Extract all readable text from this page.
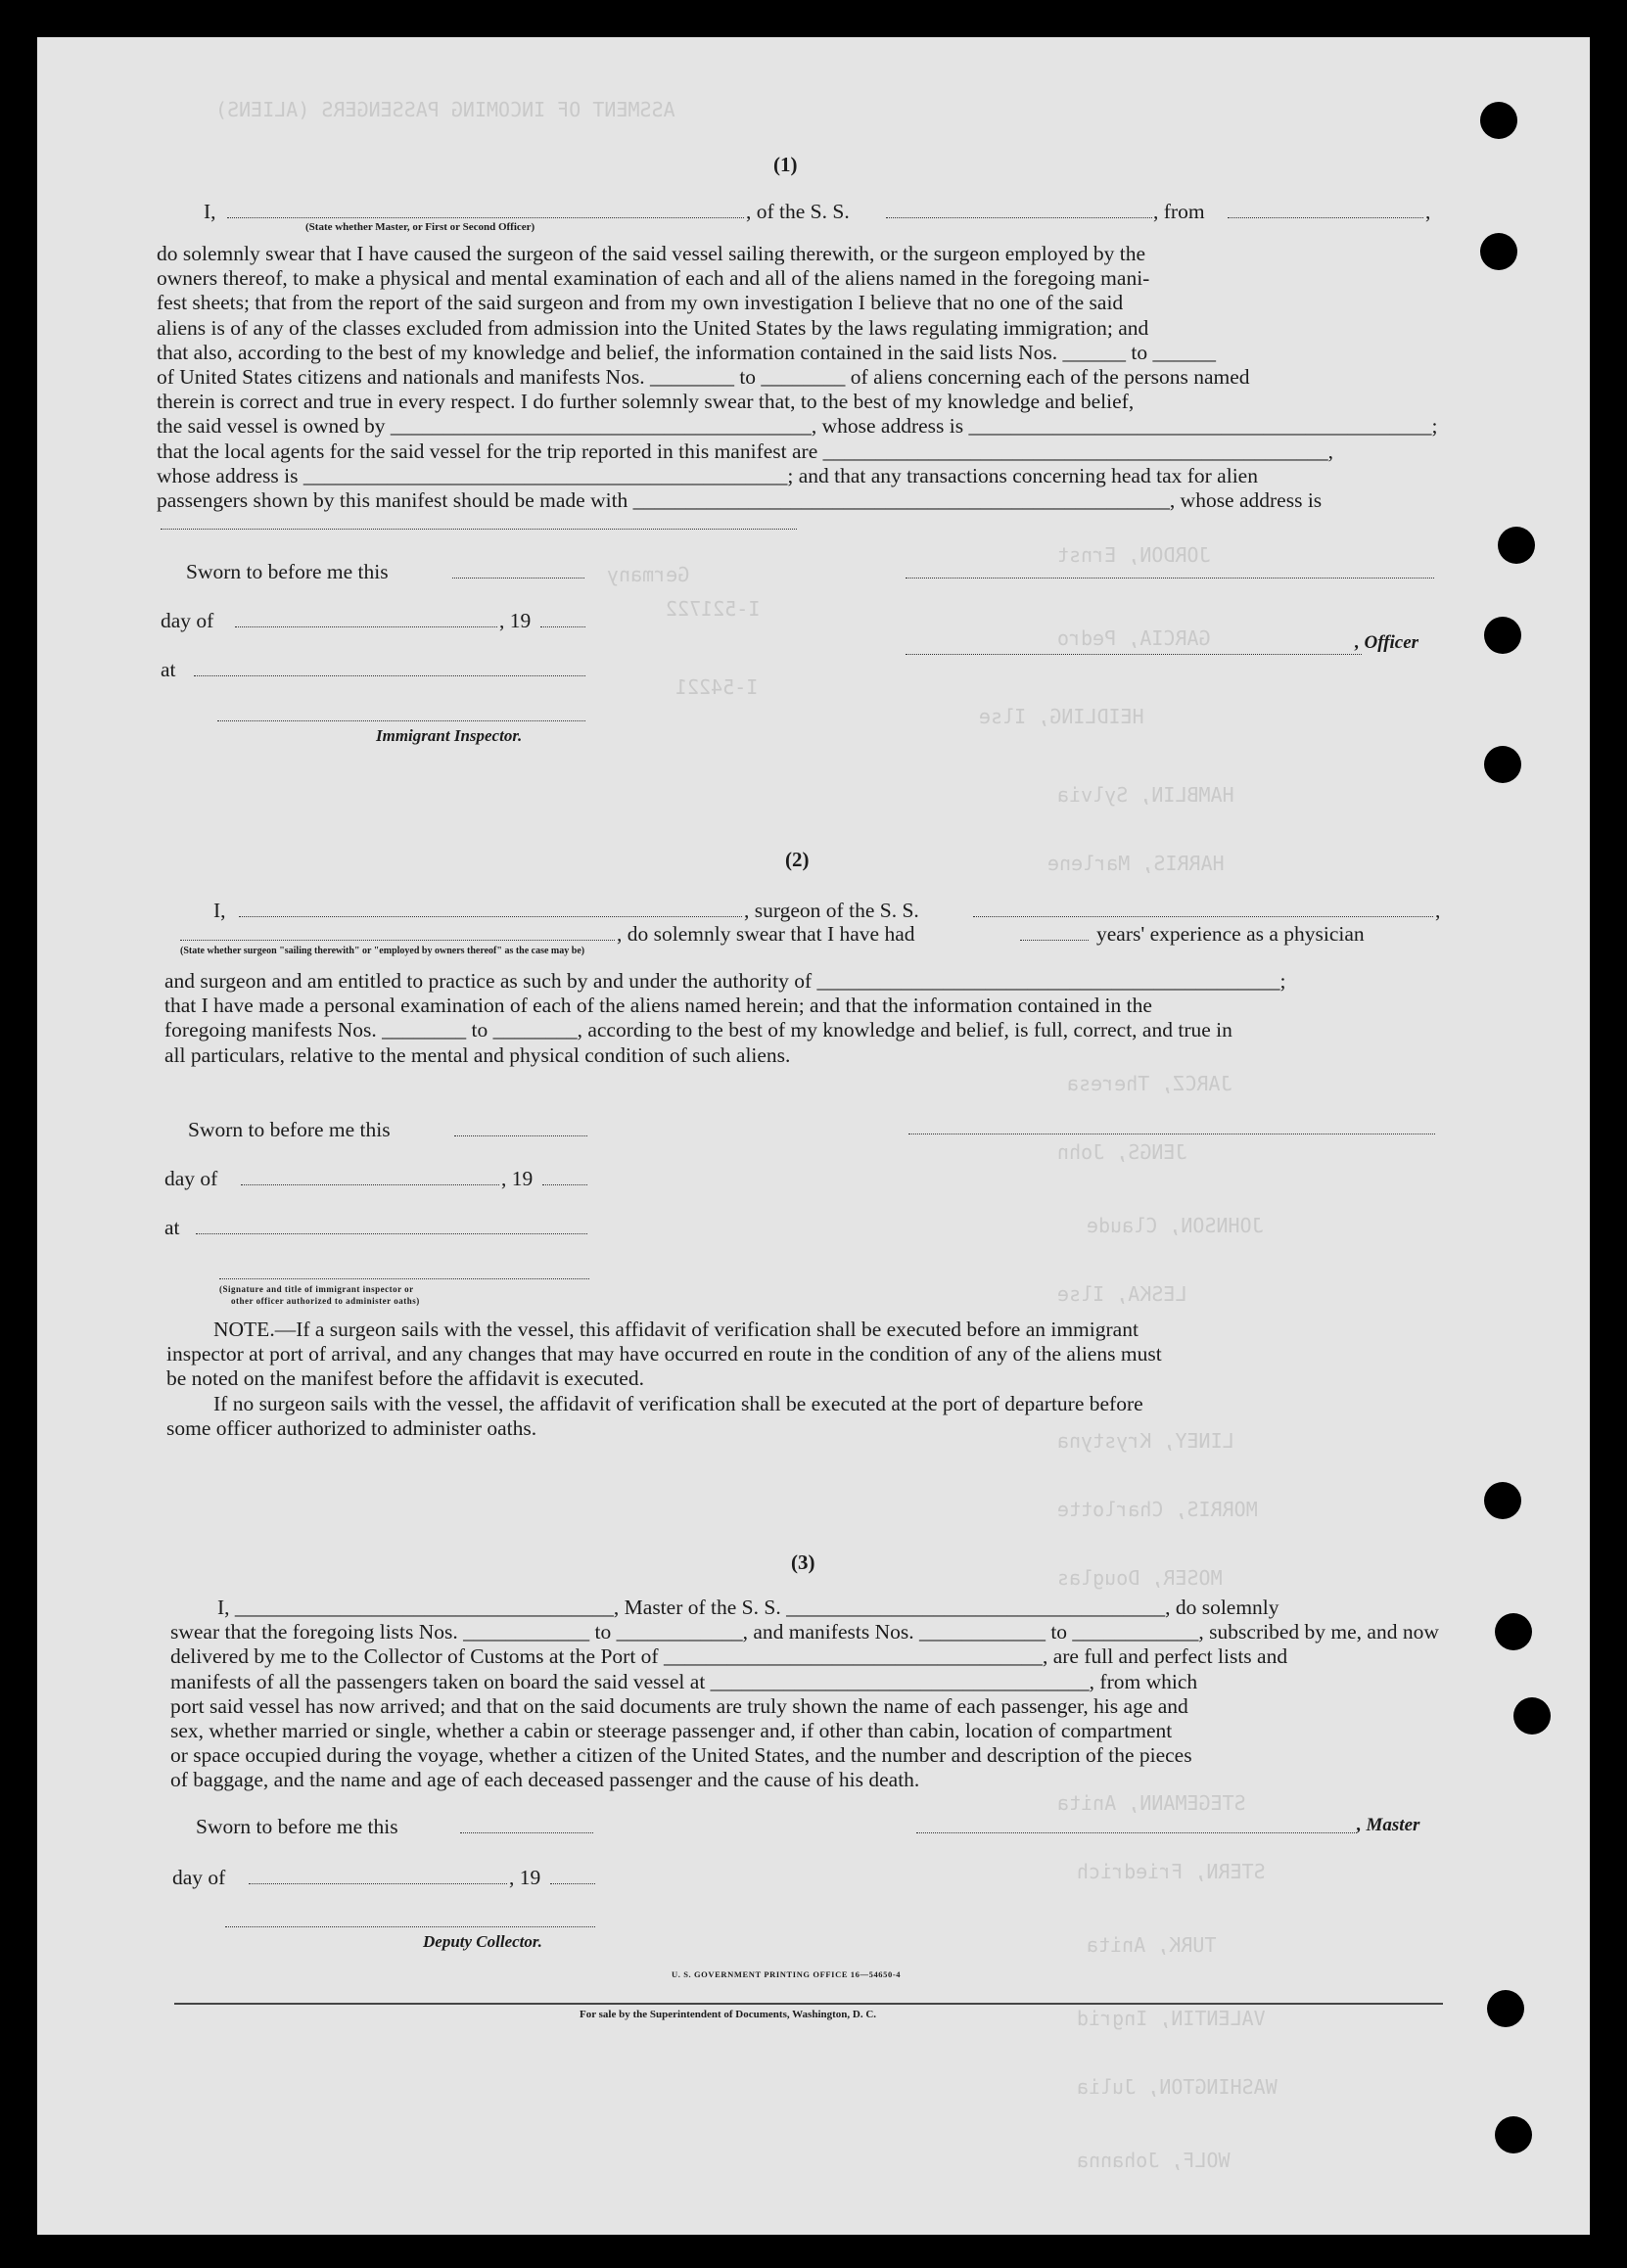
ASSMENT OF INCOMING PASSENGERS (ALIENS)
Germany
JORDON, Ernst
I-521722
GARCIA, Pedro
I-54221
HEIDLING, Ilse
HAMBLIN, Sylvia
HARRIS, Marlene
JARCZ, Theresa
JENGS, John
JOHNSON, Claude
LESKA, Ilse
LINEY, Krystyna
MORRIS, Charlotte
MOSER, Douglas
STEGEMANN, Anita
STERN, Friedrich
TURK, Anita
VALENTIN, Ingrid
WASHINGTON, Julia
WOLF, Johanna
(1)
I,
(State whether Master, or First or Second Officer)
, of the S. S.	, from	,
do solemnly swear that I have caused the surgeon of the said vessel sailing therewith, or the surgeon employed by the
owners thereof, to make a physical and mental examination of each and all of the aliens named in the foregoing mani-
fest sheets; that from the report of the said surgeon and from my own investigation I believe that no one of the said
aliens is of any of the classes excluded from admission into the United States by the laws regulating immigration; and
that also, according to the best of my knowledge and belief, the information contained in the said lists Nos. ______ to ______
of United States citizens and nationals and manifests Nos. ________ to ________ of aliens concerning each of the persons named
therein is correct and true in every respect. I do further solemnly swear that, to the best of my knowledge and belief,
the said vessel is owned by ________________________________________, whose address is ____________________________________________;
that the local agents for the said vessel for the trip reported in this manifest are ________________________________________________,
whose address is ______________________________________________; and that any transactions concerning head tax for alien
passengers shown by this manifest should be made with ___________________________________________________, whose address is
Sworn to before me this
day of	, 19
at
Immigrant Inspector.
, Officer
(2)
I,	, surgeon of the S. S.	,
, do solemnly swear that I have had	years' experience as a physician
(State whether surgeon "sailing therewith" or "employed by owners thereof" as the case may be)
and surgeon and am entitled to practice as such by and under the authority of ____________________________________________;
that I have made a personal examination of each of the aliens named herein; and that the information contained in the
foregoing manifests Nos. ________ to ________, according to the best of my knowledge and belief, is full, correct, and true in
all particulars, relative to the mental and physical condition of such aliens.
Sworn to before me this
day of	, 19
at
(Signature and title of immigrant inspector or
other officer authorized to administer oaths)
NOTE.—If a surgeon sails with the vessel, this affidavit of verification shall be executed before an immigrant
inspector at port of arrival, and any changes that may have occurred en route in the condition of any of the aliens must
be noted on the manifest before the affidavit is executed.
If no surgeon sails with the vessel, the affidavit of verification shall be executed at the port of departure before
some officer authorized to administer oaths.
(3)
I, ____________________________________, Master of the S. S. ____________________________________, do solemnly
swear that the foregoing lists Nos. ____________ to ____________, and manifests Nos. ____________ to ____________, subscribed by me, and now
delivered by me to the Collector of Customs at the Port of ____________________________________, are full and perfect lists and
manifests of all the passengers taken on board the said vessel at ____________________________________, from which
port said vessel has now arrived; and that on the said documents are truly shown the name of each passenger, his age and
sex, whether married or single, whether a cabin or steerage passenger and, if other than cabin, location of compartment
or space occupied during the voyage, whether a citizen of the United States, and the number and description of the pieces
of baggage, and the name and age of each deceased passenger and the cause of his death.
Sworn to before me this
day of	, 19
Deputy Collector.
, Master
U. S. GOVERNMENT PRINTING OFFICE 16—54650-4
For sale by the Superintendent of Documents, Washington, D. C.
